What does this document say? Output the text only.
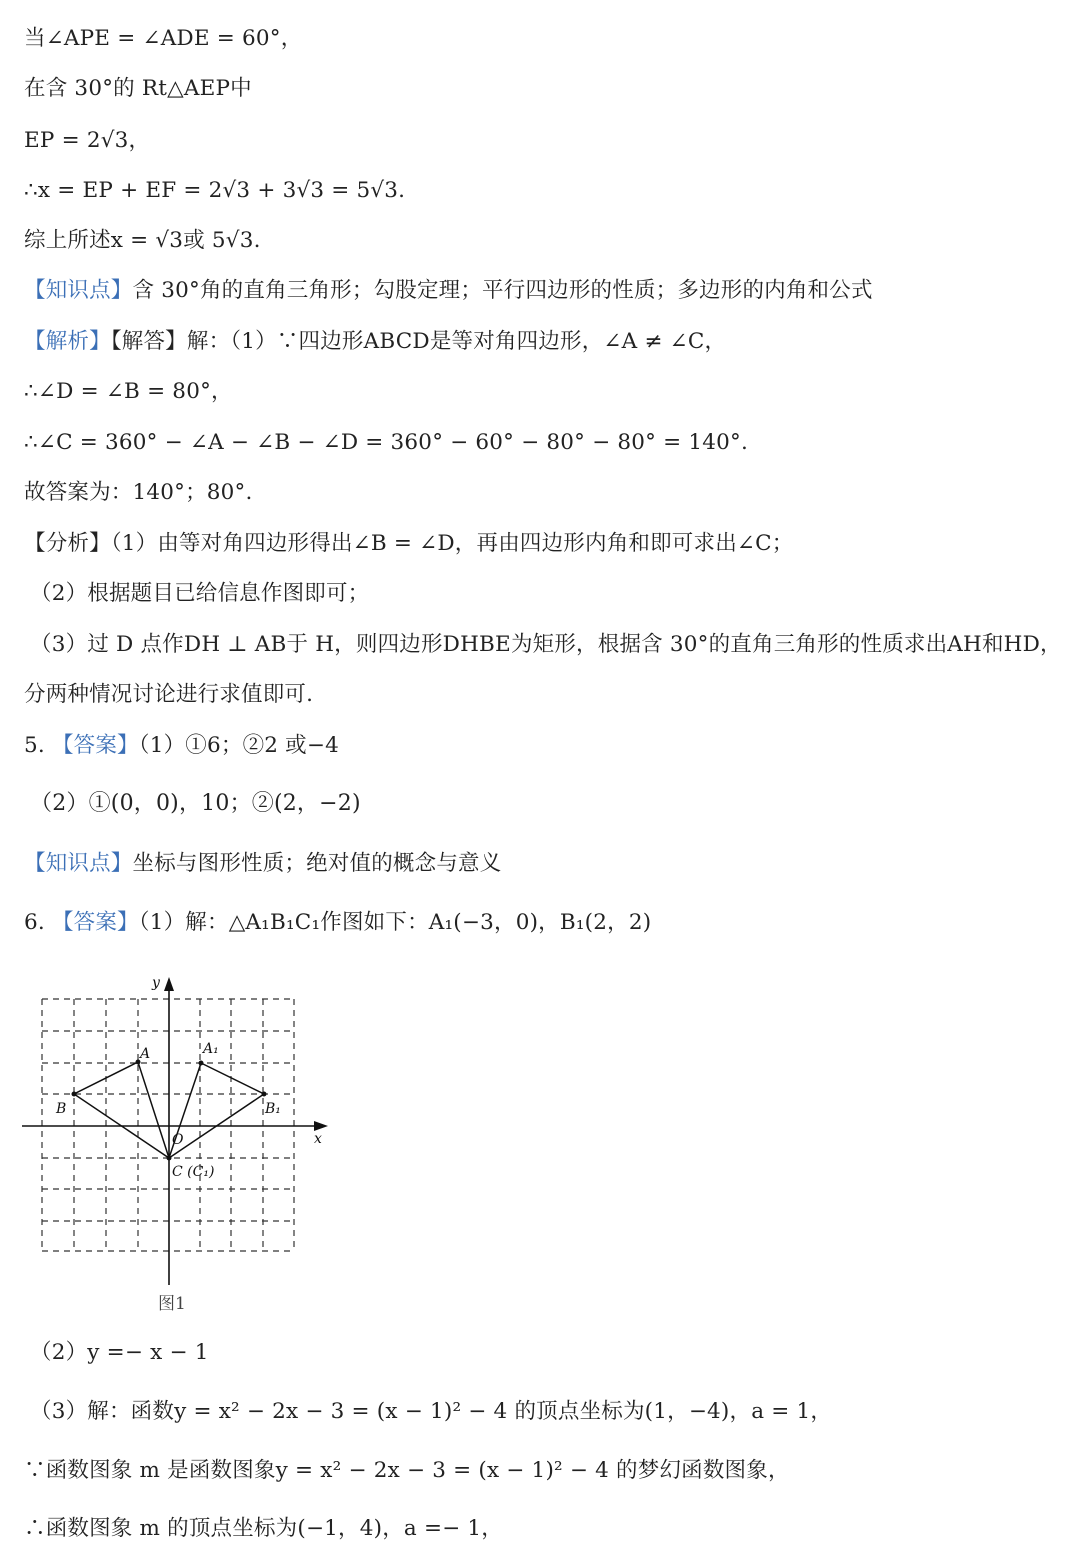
当∠APE = ∠ADE = 60°，
在含 30°的 Rt△AEP中
EP = 2√3，
∴x = EP + EF = 2√3 + 3√3 = 5√3.
综上所述x = √3或 5√3.
【知识点】含 30°角的直角三角形；勾股定理；平行四边形的性质；多边形的内角和公式
【解析】【解答】解：（1）∵四边形ABCD是等对角四边形，∠A ≠ ∠C，
∴∠D = ∠B = 80°，
∴∠C = 360° − ∠A − ∠B − ∠D = 360° − 60° − 80° − 80° = 140°.
故答案为：140°；80°.
【分析】（1）由等对角四边形得出∠B = ∠D，再由四边形内角和即可求出∠C；
（2）根据题目已给信息作图即可；
（3）过 D 点作DH ⊥ AB于 H，则四边形DHBE为矩形，根据含 30°的直角三角形的性质求出AH和HD，
分两种情况讨论进行求值即可.
5. 【答案】（1）①6；②2 或−4
（2）①(0，0)，10；②(2，−2)
【知识点】坐标与图形性质；绝对值的概念与意义
6. 【答案】（1）解：△A₁B₁C₁作图如下：A₁(−3，0)，B₁(2，2)
y
x
O
A	A₁
B	B₁
C (C₁)
图1
（2）y =− x − 1
（3）解：函数y = x² − 2x − 3 = (x − 1)² − 4 的顶点坐标为(1，−4)，a = 1，
∵函数图象 m 是函数图象y = x² − 2x − 3 = (x − 1)² − 4 的梦幻函数图象，
∴函数图象 m 的顶点坐标为(−1，4)，a =− 1，
